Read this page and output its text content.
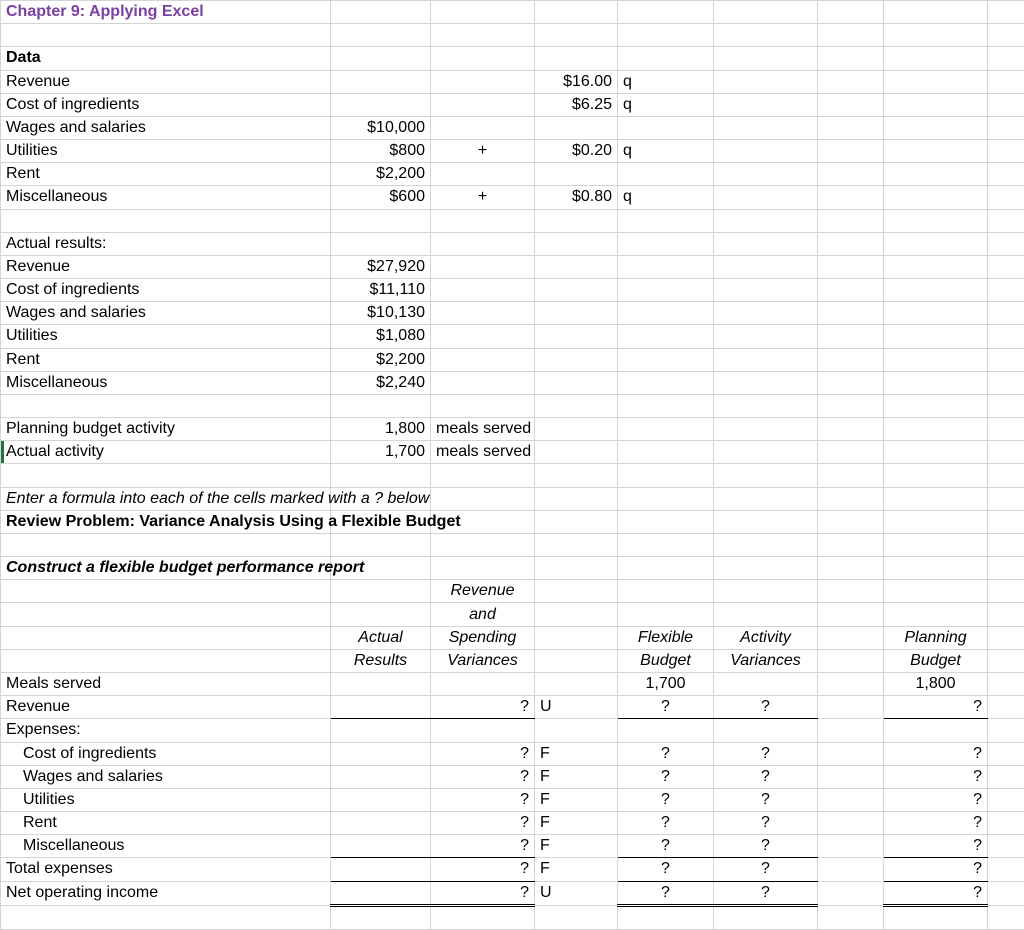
Chapter 9: Applying Excel								

Data								
Revenue			$16.00	q				
Cost of ingredients			$6.25	q				
Wages and salaries	$10,000							
Utilities	$800	+	$0.20	q				
Rent	$2,200							
Miscellaneous	$600	+	$0.80	q				

Actual results:								
Revenue	$27,920							
Cost of ingredients	$11,110							
Wages and salaries	$10,130							
Utilities	$1,080							
Rent	$2,200							
Miscellaneous	$2,240							

Planning budget activity	1,800	meals served						
Actual activity	1,700	meals served						

Enter a formula into each of the cells marked with a ? below								
Review Problem: Variance Analysis Using a Flexible Budget								

Construct a flexible budget performance report								
		Revenue						
		and						
	Actual	Spending		Flexible	Activity		Planning	
	Results	Variances		Budget	Variances		Budget	
Meals served				1,700			1,800	
Revenue		?	U	?	?		?	
Expenses:								
Cost of ingredients		?	F	?	?		?	
Wages and salaries		?	F	?	?		?	
Utilities		?	F	?	?		?	
Rent		?	F	?	?		?	
Miscellaneous		?	F	?	?		?	
Total expenses		?	F	?	?		?	
Net operating income		?	U	?	?		?	
